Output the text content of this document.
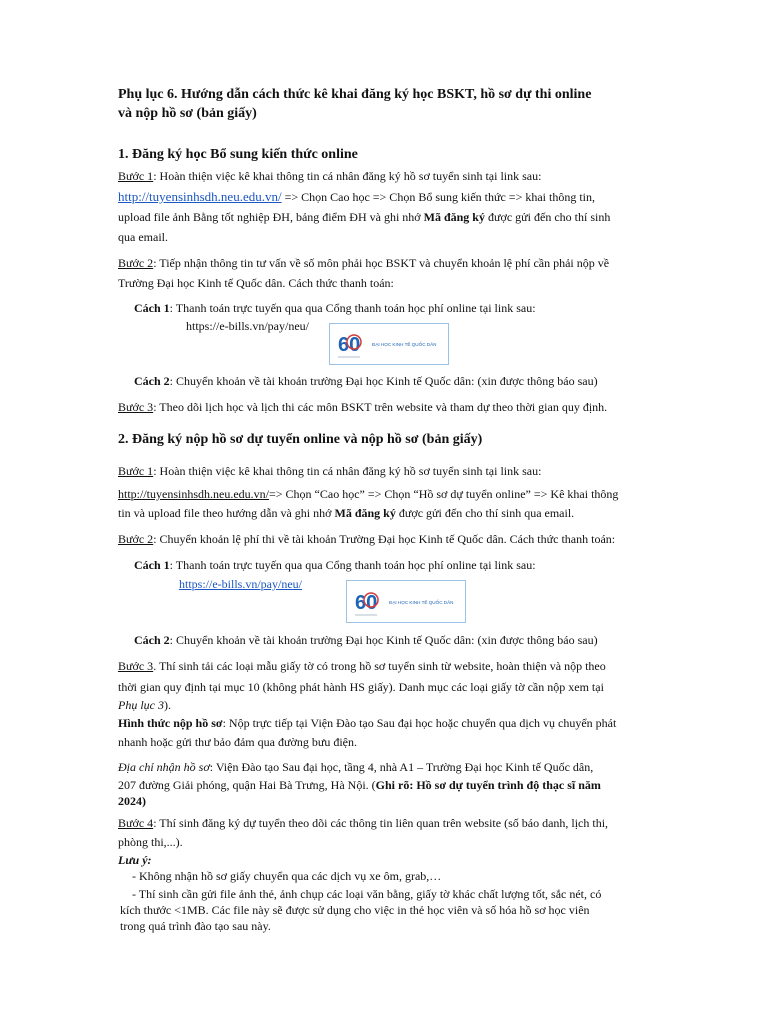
Phụ lục 6. Hướng dẫn cách thức kê khai đăng ký học BSKT, hồ sơ dự thi online
và nộp hồ sơ (bản giấy)
1. Đăng ký học Bổ sung kiến thức online
Bước 1: Hoàn thiện việc kê khai thông tin cá nhân đăng ký hồ sơ tuyển sinh tại link sau:
http://tuyensinhsdh.neu.edu.vn/ => Chọn Cao học => Chọn Bổ sung kiến thức => khai thông tin,
upload file ảnh Bằng tốt nghiệp ĐH, bảng điểm ĐH và ghi nhớ Mã đăng ký được gửi đến cho thí sinh
qua email.
Bước 2: Tiếp nhận thông tin tư vấn về số môn phải học BSKT và chuyển khoản lệ phí cần phải nộp về
Trường Đại học Kinh tế Quốc dân. Cách thức thanh toán:
Cách 1: Thanh toán trực tuyến qua qua Cổng thanh toán học phí online tại link sau:
https://e-bills.vn/pay/neu/
60	ĐẠI HỌC KINH TẾ QUỐC DÂN
Cách 2: Chuyển khoản về tài khoản trường Đại học Kinh tế Quốc dân: (xin được thông báo sau)
Bước 3: Theo dõi lịch học và lịch thi các môn BSKT trên website và tham dự theo thời gian quy định.
2. Đăng ký nộp hồ sơ dự tuyển online và nộp hồ sơ (bản giấy)
Bước 1: Hoàn thiện việc kê khai thông tin cá nhân đăng ký hồ sơ tuyển sinh tại link sau:
http://tuyensinhsdh.neu.edu.vn/=> Chọn “Cao học” => Chọn “Hồ sơ dự tuyển online” => Kê khai thông
tin và upload file theo hướng dẫn và ghi nhớ Mã đăng ký được gửi đến cho thí sinh qua email.
Bước 2: Chuyển khoản lệ phí thi về tài khoản Trường Đại học Kinh tế Quốc dân. Cách thức thanh toán:
Cách 1: Thanh toán trực tuyến qua qua Cổng thanh toán học phí online tại link sau:
https://e-bills.vn/pay/neu/
60	ĐẠI HỌC KINH TẾ QUỐC DÂN
Cách 2: Chuyển khoản về tài khoản trường Đại học Kinh tế Quốc dân: (xin được thông báo sau)
Bước 3. Thí sinh tải các loại mẫu giấy tờ có trong hồ sơ tuyển sinh từ website, hoàn thiện và nộp theo
thời gian quy định tại mục 10 (không phát hành HS giấy). Danh mục các loại giấy tờ cần nộp xem tại
Phụ lục 3).
Hình thức nộp hồ sơ: Nộp trực tiếp tại Viện Đào tạo Sau đại học hoặc chuyển qua dịch vụ chuyển phát
nhanh hoặc gửi thư bảo đảm qua đường bưu điện.
Địa chỉ nhận hồ sơ: Viện Đào tạo Sau đại học, tầng 4, nhà A1 – Trường Đại học Kinh tế Quốc dân,
207 đường Giải phóng, quận Hai Bà Trưng, Hà Nội. (Ghi rõ: Hồ sơ dự tuyển trình độ thạc sĩ năm
2024)
Bước 4: Thí sinh đăng ký dự tuyển theo dõi các thông tin liên quan trên website (số báo danh, lịch thi,
phòng thi,...).
Lưu ý:
- Không nhận hồ sơ giấy chuyển qua các dịch vụ xe ôm, grab,…
- Thí sinh cần gửi file ảnh thẻ, ảnh chụp các loại văn bằng, giấy tờ khác chất lượng tốt, sắc nét, có
kích thước <1MB. Các file này sẽ được sử dụng cho việc in thẻ học viên và số hóa hồ sơ học viên
trong quá trình đào tạo sau này.
